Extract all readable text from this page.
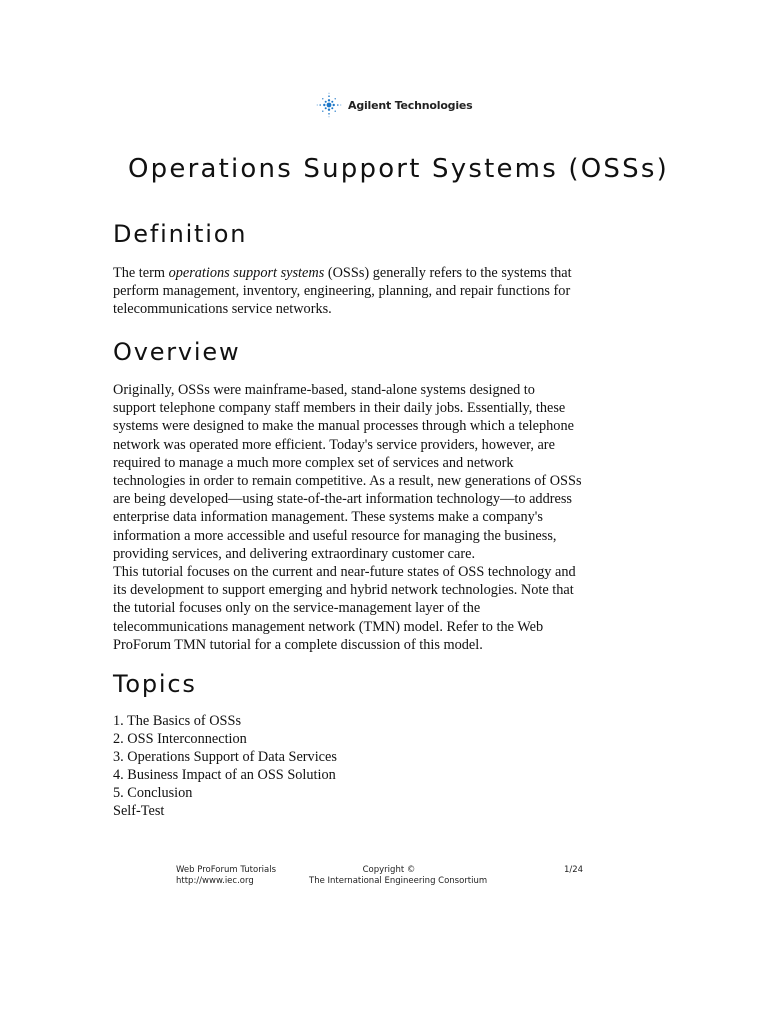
Agilent Technologies
Operations Support Systems (OSSs)
Definition
The term operations support systems (OSSs) generally refers to the systems that
perform management, inventory, engineering, planning, and repair functions for
telecommunications service networks.
Overview
Originally, OSSs were mainframe-based, stand-alone systems designed to
support telephone company staff members in their daily jobs. Essentially, these
systems were designed to make the manual processes through which a telephone
network was operated more efficient. Today's service providers, however, are
required to manage a much more complex set of services and network
technologies in order to remain competitive. As a result, new generations of OSSs
are being developed—using state-of-the-art information technology—to address
enterprise data information management. These systems make a company's
information a more accessible and useful resource for managing the business,
providing services, and delivering extraordinary customer care.
This tutorial focuses on the current and near-future states of OSS technology and
its development to support emerging and hybrid network technologies. Note that
the tutorial focuses only on the service-management layer of the
telecommunications management network (TMN) model. Refer to the Web
ProForum TMN tutorial for a complete discussion of this model.
Topics
1. The Basics of OSSs
2. OSS Interconnection
3. Operations Support of Data Services
4. Business Impact of an OSS Solution
5. Conclusion
Self-Test
Web ProForum Tutorials
http://www.iec.org
Copyright ©
The International Engineering Consortium
1/24
